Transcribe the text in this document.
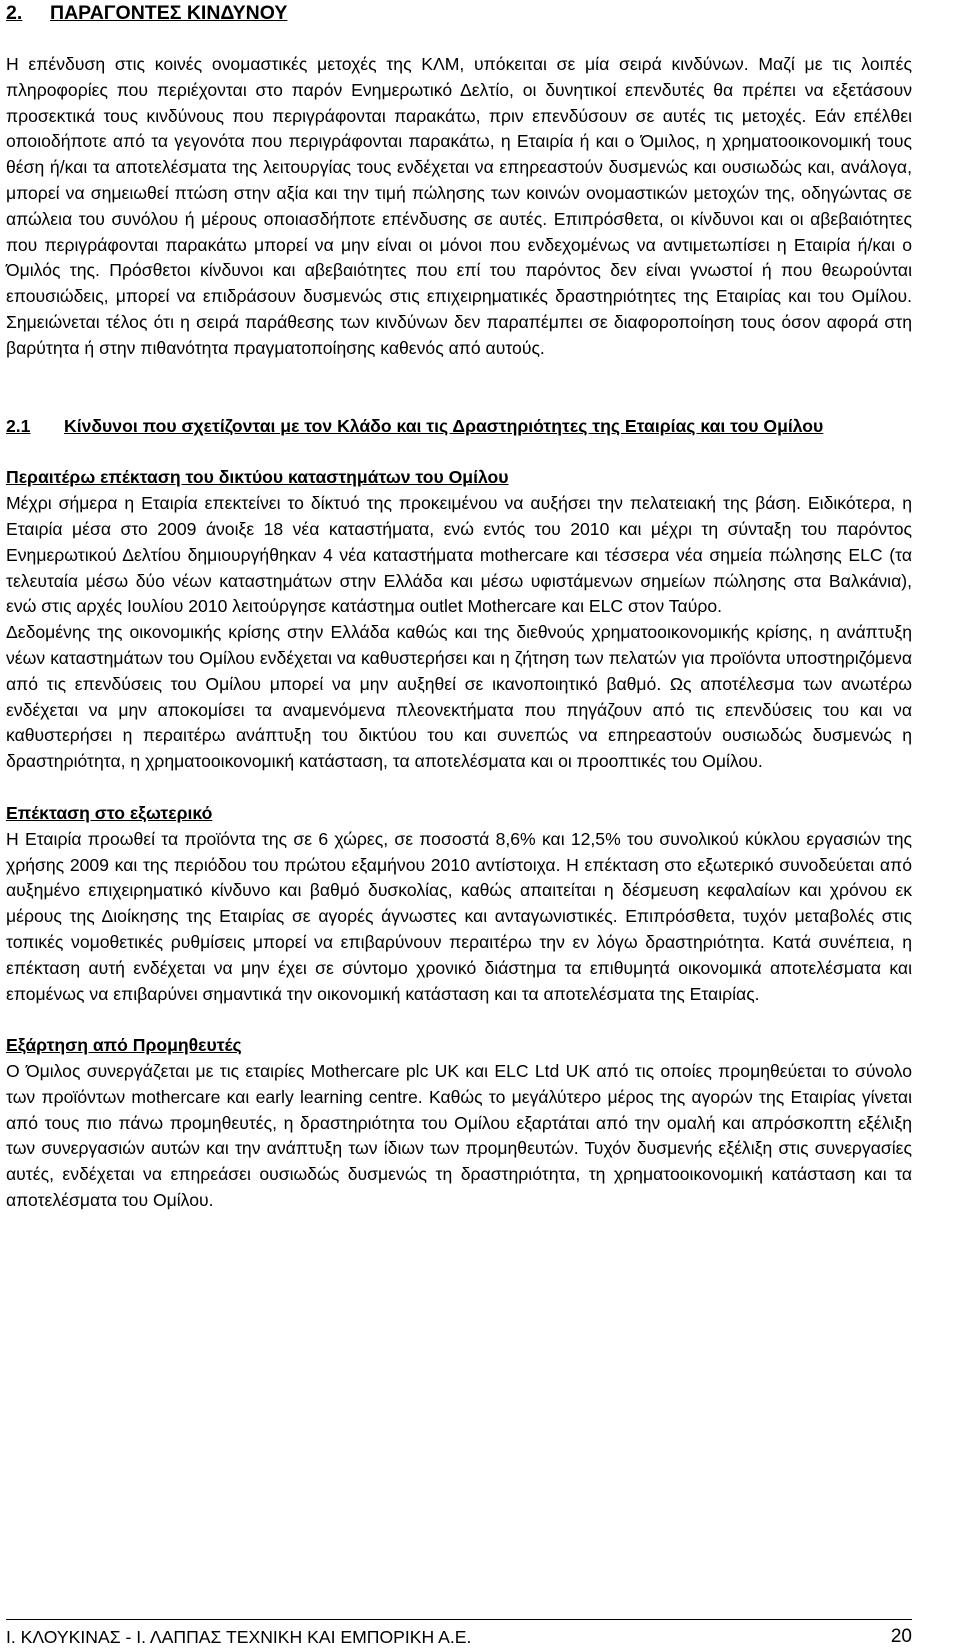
2.	ΠΑΡΑΓΟΝΤΕΣ ΚΙΝΔΥΝΟΥ

Η επένδυση στις κοινές ονομαστικές μετοχές της ΚΛΜ, υπόκειται σε μία σειρά κινδύνων. Μαζί με τις λοιπές πληροφορίες που περιέχονται στο παρόν Ενημερωτικό Δελτίο, οι δυνητικοί επενδυτές θα πρέπει να εξετάσουν προσεκτικά τους κινδύνους που περιγράφονται παρακάτω, πριν επενδύσουν σε αυτές τις μετοχές. Εάν επέλθει οποιοδήποτε από τα γεγονότα που περιγράφονται παρακάτω, η Εταιρία ή και ο Όμιλος, η χρηματοοικονομική τους θέση ή/και τα αποτελέσματα της λειτουργίας τους ενδέχεται να επηρεαστούν δυσμενώς και ουσιωδώς και, ανάλογα, μπορεί να σημειωθεί πτώση στην αξία και την τιμή πώλησης των κοινών ονομαστικών μετοχών της, οδηγώντας σε απώλεια του συνόλου ή μέρους οποιασδήποτε επένδυσης σε αυτές. Επιπρόσθετα, οι κίνδυνοι και οι αβεβαιότητες που περιγράφονται παρακάτω μπορεί να μην είναι οι μόνοι που ενδεχομένως να αντιμετωπίσει η Εταιρία ή/και ο Όμιλός της. Πρόσθετοι κίνδυνοι και αβεβαιότητες που επί του παρόντος δεν είναι γνωστοί ή που θεωρούνται επουσιώδεις, μπορεί να επιδράσουν δυσμενώς στις επιχειρηματικές δραστηριότητες της Εταιρίας και του Ομίλου. Σημειώνεται τέλος ότι η σειρά παράθεσης των κινδύνων δεν παραπέμπει σε διαφοροποίηση τους όσον αφορά στη βαρύτητα ή στην πιθανότητα πραγματοποίησης καθενός από αυτούς.

2.1	Κίνδυνοι που σχετίζονται με τον Κλάδο και τις Δραστηριότητες της Εταιρίας και του Ομίλου
Περαιτέρω επέκταση του δικτύου καταστημάτων του Ομίλου

Μέχρι σήμερα η Εταιρία επεκτείνει το δίκτυό της προκειμένου να αυξήσει την πελατειακή της βάση. Ειδικότερα, η Εταιρία μέσα στο 2009 άνοιξε 18 νέα καταστήματα, ενώ εντός του 2010 και μέχρι τη σύνταξη του παρόντος Ενημερωτικού Δελτίου δημιουργήθηκαν 4 νέα καταστήματα mothercare και τέσσερα νέα σημεία πώλησης ELC (τα τελευταία μέσω δύο νέων καταστημάτων στην Ελλάδα και μέσω υφιστάμενων σημείων πώλησης στα Βαλκάνια), ενώ στις αρχές Ιουλίου 2010 λειτούργησε κατάστημα outlet Mothercare και ELC στον Ταύρο.

Δεδομένης της οικονομικής κρίσης στην Ελλάδα καθώς και της διεθνούς χρηματοοικονομικής κρίσης, η ανάπτυξη νέων καταστημάτων του Ομίλου ενδέχεται να καθυστερήσει και η ζήτηση των πελατών για προϊόντα υποστηριζόμενα από τις επενδύσεις του Ομίλου μπορεί να μην αυξηθεί σε ικανοποιητικό βαθμό. Ως αποτέλεσμα των ανωτέρω ενδέχεται να μην αποκομίσει τα αναμενόμενα πλεονεκτήματα που πηγάζουν από τις επενδύσεις του και να καθυστερήσει η περαιτέρω ανάπτυξη του δικτύου του και συνεπώς να επηρεαστούν ουσιωδώς δυσμενώς η δραστηριότητα, η χρηματοοικονομική κατάσταση, τα αποτελέσματα και οι προοπτικές του Ομίλου.

Επέκταση στο εξωτερικό

Η Εταιρία προωθεί τα προϊόντα της σε 6 χώρες, σε ποσοστά 8,6% και 12,5% του συνολικού κύκλου εργασιών της χρήσης 2009 και της περιόδου του πρώτου εξαμήνου 2010 αντίστοιχα. Η επέκταση στο εξωτερικό συνοδεύεται από αυξημένο επιχειρηματικό κίνδυνο και βαθμό δυσκολίας, καθώς απαιτείται η δέσμευση κεφαλαίων και χρόνου εκ μέρους της Διοίκησης της Εταιρίας σε αγορές άγνωστες και ανταγωνιστικές. Επιπρόσθετα, τυχόν μεταβολές στις τοπικές νομοθετικές ρυθμίσεις μπορεί να επιβαρύνουν περαιτέρω την εν λόγω δραστηριότητα. Κατά συνέπεια, η επέκταση αυτή ενδέχεται να μην έχει σε σύντομο χρονικό διάστημα τα επιθυμητά οικονομικά αποτελέσματα και επομένως να επιβαρύνει σημαντικά την οικονομική κατάσταση και τα αποτελέσματα της Εταιρίας.

Εξάρτηση από Προμηθευτές

Ο Όμιλος συνεργάζεται με τις εταιρίες Mothercare plc UK και ELC Ltd UK από τις οποίες προμηθεύεται το σύνολο των προϊόντων mothercare και early learning centre. Καθώς το μεγάλύτερο μέρος της αγορών της Εταιρίας γίνεται από τους πιο πάνω προμηθευτές, η δραστηριότητα του Ομίλου εξαρτάται από την ομαλή και απρόσκοπτη εξέλιξη των συνεργασιών αυτών και την ανάπτυξη των ίδιων των προμηθευτών. Τυχόν δυσμενής εξέλιξη στις συνεργασίες αυτές, ενδέχεται να επηρεάσει ουσιωδώς δυσμενώς τη δραστηριότητα, τη χρηματοοικονομική κατάσταση και τα αποτελέσματα του Ομίλου.

Ι. ΚΛΟΥΚΙΝΑΣ - Ι. ΛΑΠΠΑΣ ΤΕΧΝΙΚΗ ΚΑΙ ΕΜΠΟΡΙΚΗ Α.Ε.	20
